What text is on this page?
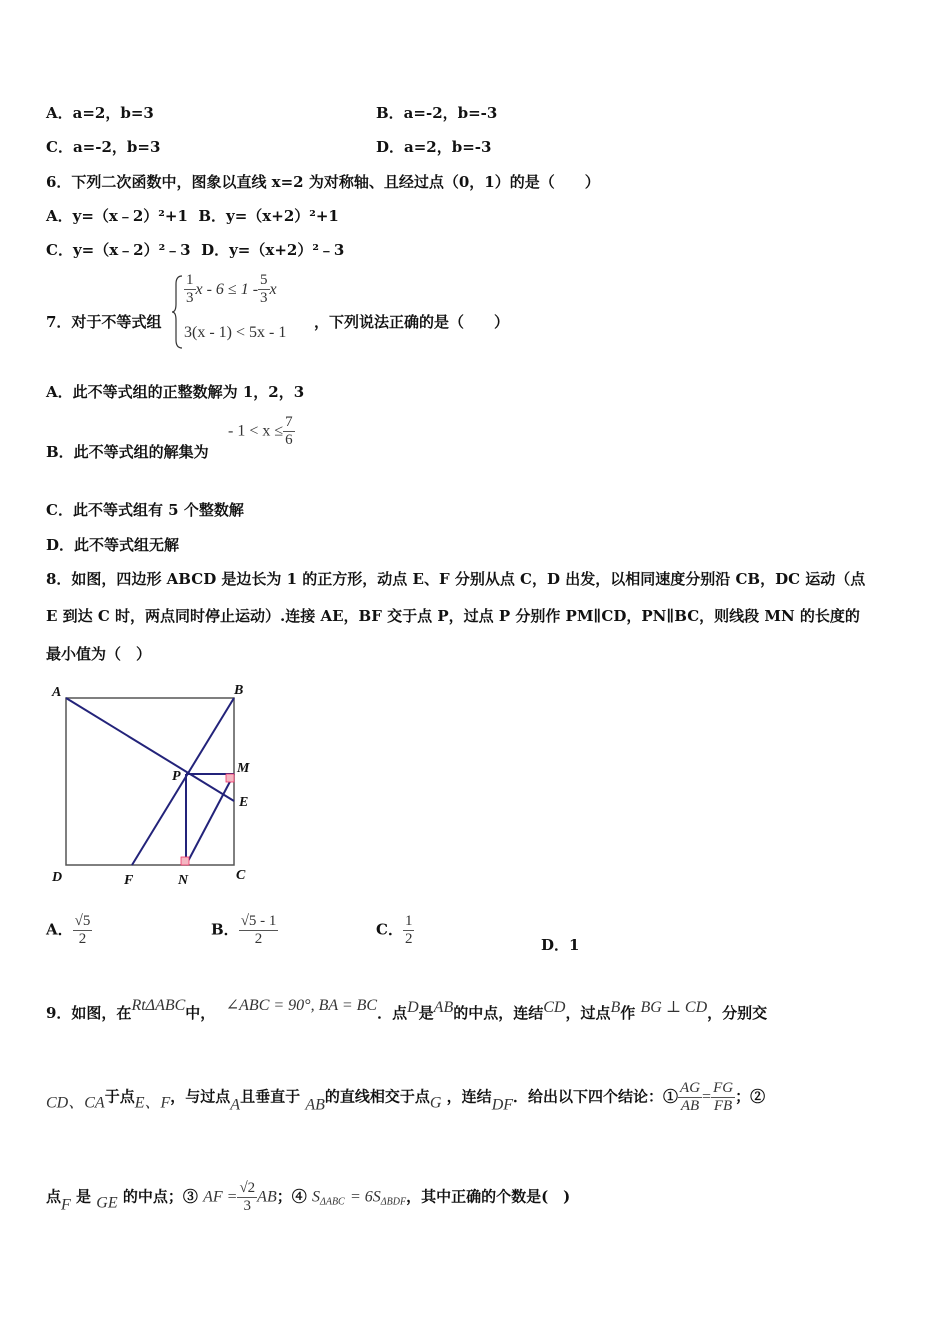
A．a=2，b=3	B．a=-2，b=-3
C．a=-2，b=3	D．a=2，b=-3
6．下列二次函数中，图象以直线 x=2 为对称轴、且经过点（0，1）的是（　　）
A．y=（x﹣2）²+1 B．y=（x+2）²+1
C．y=（x﹣2）²﹣3 D．y=（x+2）²﹣3
7．对于不等式组
$\frac{1}{3}$ $x - 6 \le 1 - \frac{5}{3}$ x
3(x - 1) < 5x - 1
，下列说法正确的是（　　）
A．此不等式组的正整数解为 1，2，3
B．此不等式组的解集为
- $1 < x \le \frac{7}{6}$
C．此不等式组有 5 个整数解
D．此不等式组无解
8．如图，四边形 ABCD 是边长为 1 的正方形，动点 E、F 分别从点 C，D 出发，以相同速度分别沿 CB，DC 运动（点
E 到达 C 时，两点同时停止运动）.连接 AE，BF 交于点 P，过点 P 分别作 PM∥CD，PN∥BC，则线段 MN 的长度的
最小值为（　）
A	B
C
D
E
F
M
N
P
A． $\frac{√5}{2}$	B． $\frac{√5 - 1}{2}$	C． $\frac{1}{2}$	D．1
9．如图，在RtΔABC中， ∠ABC = 90°, BA = BC．点D是AB的中点，连结CD，过点B作 BG ⊥ CD，分别交
CD、CA于点E、F，与过点A且垂直于 AB的直线相交于点G ，连结DF．给出以下四个结论：① $\frac{AG}{AB} = \frac{FG}{FB}$ ；②
点F 是 GE 的中点；③ AF = $\frac{√2}{3}$ AB；④ $S_{\Delta ABC} = 6S_{\Delta BDF}$，其中正确的个数是(　)
